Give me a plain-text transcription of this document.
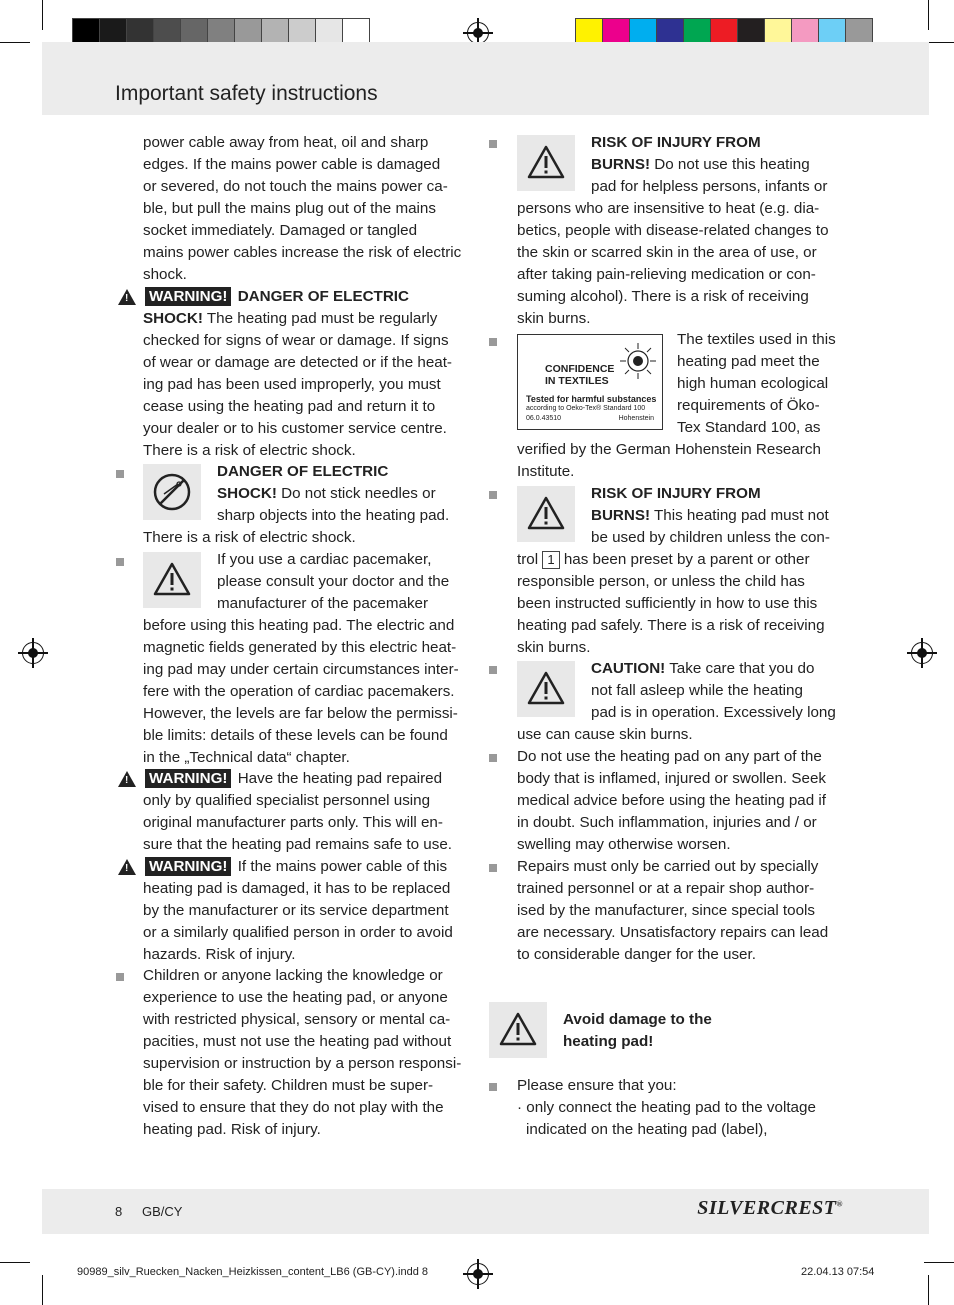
Important safety instructions

power cable away from heat, oil and sharp

edges. If the mains power cable is damaged

or severed, do not touch the mains power ca-

ble, but pull the mains plug out of the mains

socket immediately. Damaged or tangled

mains power cables increase the risk of electric

shock.

!	WARNING! DANGER OF ELECTRIC

SHOCK! The heating pad must be regularly

checked for signs of wear or damage. If signs

of wear or damage are detected or if the heat-

ing pad has been used improperly, you must

cease using the heating pad and return it to

your dealer or to his customer service centre.

There is a risk of electric shock.

DANGER OF ELECTRIC

SHOCK! Do not stick needles or

sharp objects into the heating pad.

There is a risk of electric shock.

If you use a cardiac pacemaker,

please consult your doctor and the

manufacturer of the pacemaker

before using this heating pad. The electric and

magnetic fields generated by this electric heat-

ing pad may under certain circumstances inter-

fere with the operation of cardiac pacemakers.

However, the levels are far below the permissi-

ble limits: details of these levels can be found

in the „Technical data“ chapter.

!	WARNING! Have the heating pad repaired

only by qualified specialist personnel using

original manufacturer parts only. This will en-

sure that the heating pad remains safe to use.

!	WARNING! If the mains power cable of this

heating pad is damaged, it has to be replaced

by the manufacturer or its service department

or a similarly qualified person in order to avoid

hazards. Risk of injury.

Children or anyone lacking the knowledge or

experience to use the heating pad, or anyone

with restricted physical, sensory or mental ca-

pacities, must not use the heating pad without

supervision or instruction by a person responsi-

ble for their safety. Children must be super-

vised to ensure that they do not play with the

heating pad. Risk of injury.

RISK OF INJURY FROM

BURNS! Do not use this heating

pad for helpless persons, infants or

persons who are insensitive to heat (e.g. dia-

betics, people with disease-related changes to

the skin or scarred skin in the area of use, or

after taking pain-relieving medication or con-

suming alcohol). There is a risk of receiving

skin burns.

CONFIDENCE
IN TEXTILES
Tested for harmful substances
according to Oeko-Tex® Standard 100
06.0.43510	Hohenstein

The textiles used in this

heating pad meet the

high human ecological

requirements of Öko-

Tex Standard 100, as

verified by the German Hohenstein Research

Institute.

RISK OF INJURY FROM

BURNS! This heating pad must not

be used by children unless the con-

trol 1 has been preset by a parent or other

responsible person, or unless the child has

been instructed sufficiently in how to use this

heating pad safely. There is a risk of receiving

skin burns.

CAUTION! Take care that you do

not fall asleep while the heating

pad is in operation. Excessively long

use can cause skin burns.

Do not use the heating pad on any part of the

body that is inflamed, injured or swollen. Seek

medical advice before using the heating pad if

in doubt. Such inflammation, injuries and / or

swelling may otherwise worsen.

Repairs must only be carried out by specially

trained personnel or at a repair shop author-

ised by the manufacturer, since special tools

are necessary. Unsatisfactory repairs can lead

to considerable danger for the user.

Avoid damage to the

heating pad!

Please ensure that you:

· only connect the heating pad to the voltage

indicated on the heating pad (label),

8 GB/CY	SILVERCREST®
90989_silv_Ruecken_Nacken_Heizkissen_content_LB6 (GB-CY).indd 8	22.04.13 07:54
